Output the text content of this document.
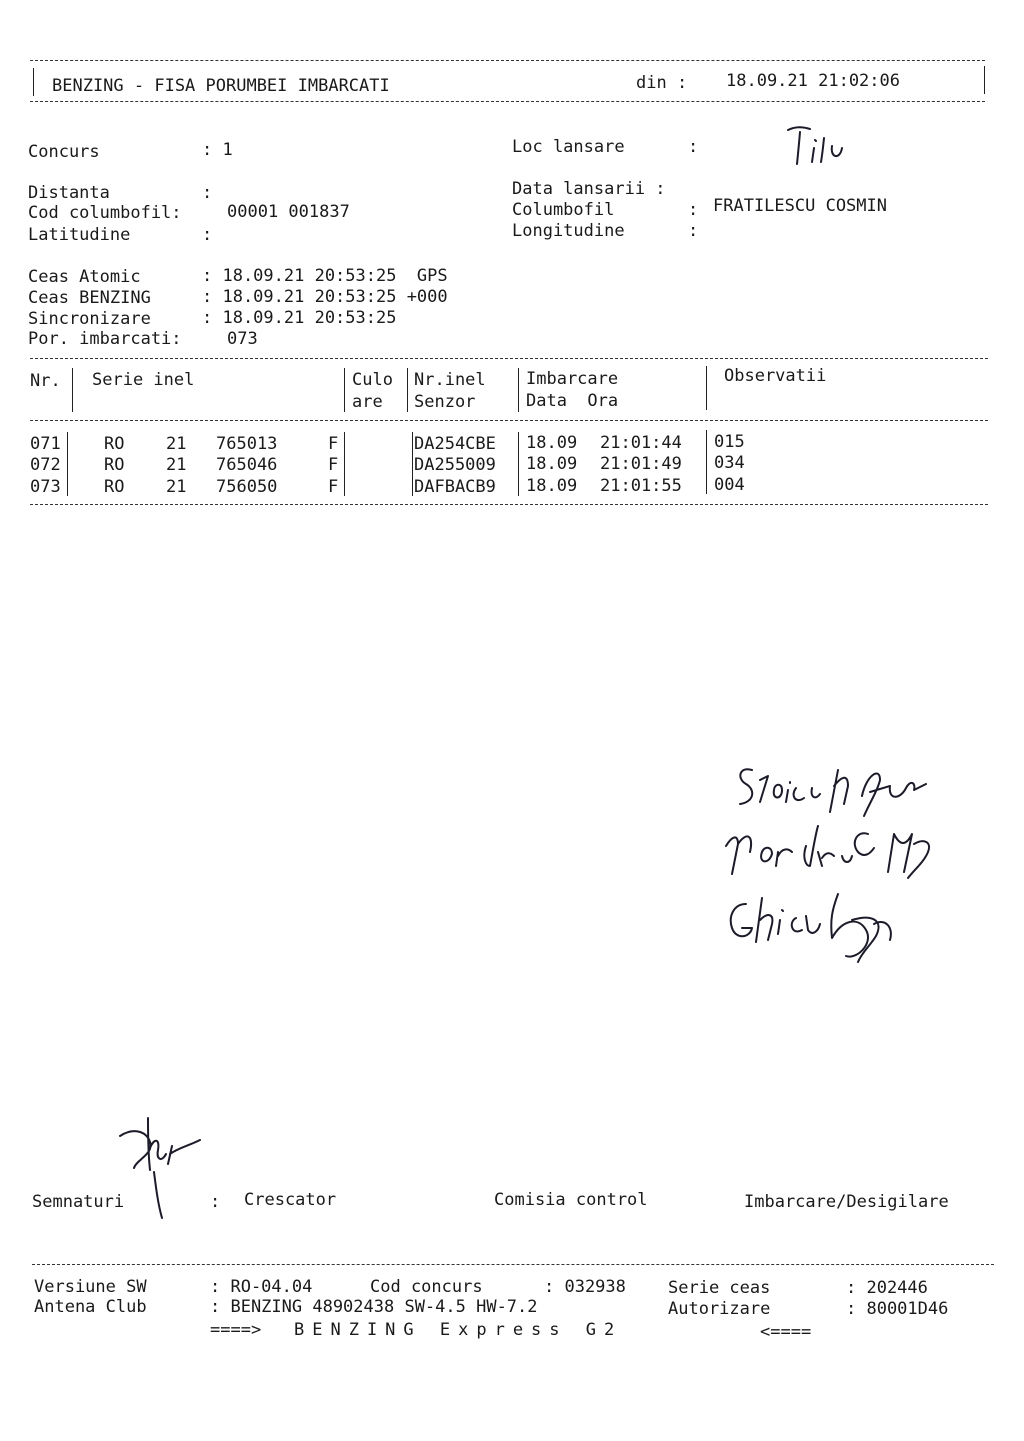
BENZING - FISA PORUMBEI IMBARCATI	din : 18.09.21 21:02:06
Concurs	: 1	Loc lansare	:
Distanta	:	Data lansarii :
Cod columbofil:	00001 001837	Columbofil	: FRATILESCU COSMIN
Latitudine	:	Longitudine	:
Ceas Atomic	: 18.09.21 20:53:25  GPS
Ceas BENZING	: 18.09.21 20:53:25 +000
Sincronizare	: 18.09.21 20:53:25
Por. imbarcati:	073
Nr. Serie inel	Culo
are
Nr.inel
Senzor
Imbarcare
Data  Ora
Observatii
071	RO 21 765013	F	DA254CBE 18.09 21:01:44 015
072	RO 21 765046	F	DA255009 18.09 21:01:49 034
073	RO 21 756050	F	DAFBACB9 18.09 21:01:55 004
Semnaturi	: Crescator	Comisia control	Imbarcare/Desigilare
Versiune SW	: RO-04.04	Cod concurs	: 032938 Serie ceas	: 202446
Antena Club	: BENZING 48902438 SW-4.5 HW-7.2	Autorizare	: 80001D46
====> BENZING Express G2	<====
